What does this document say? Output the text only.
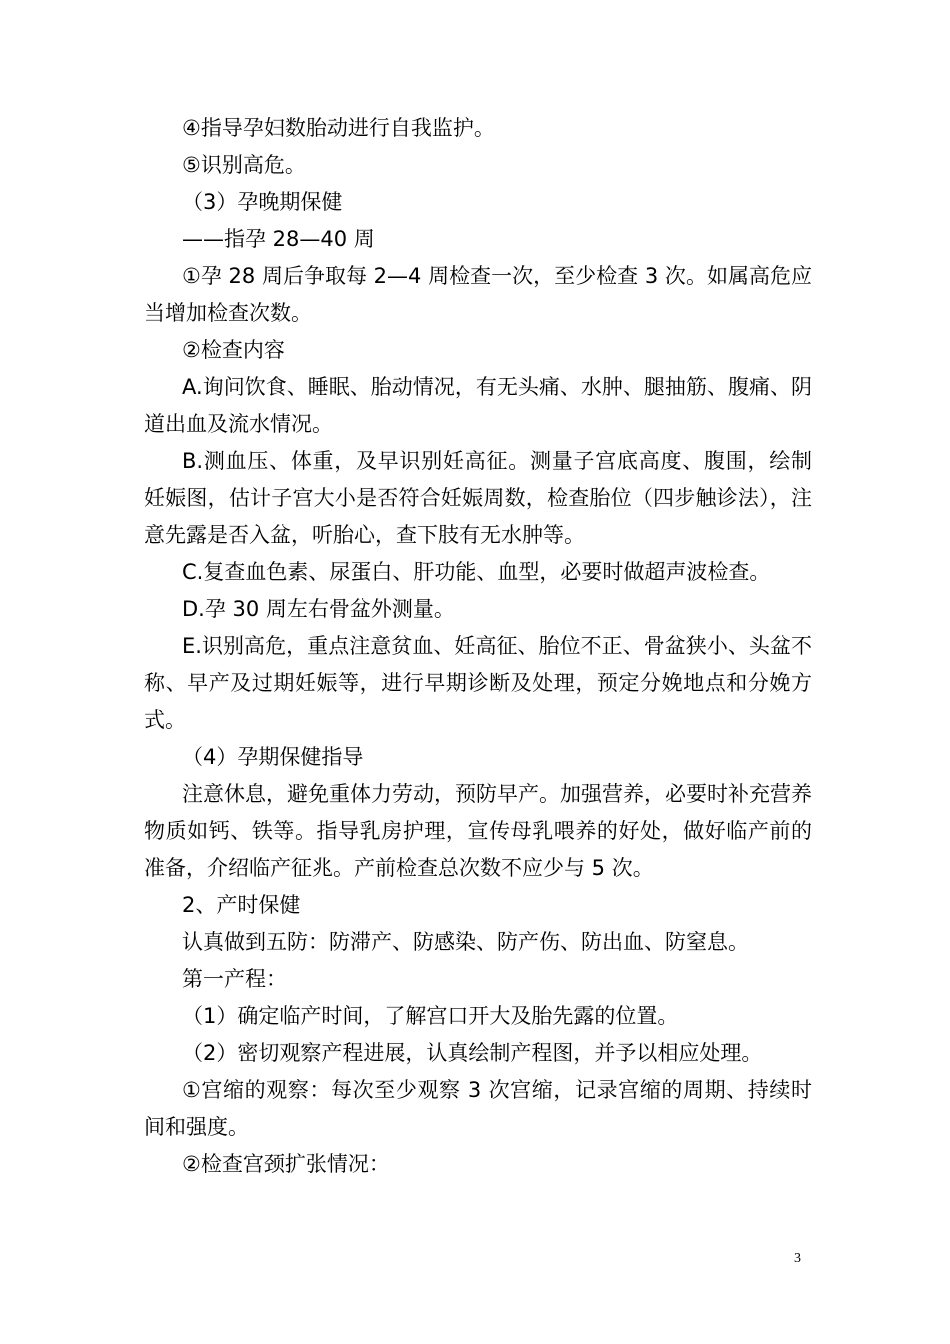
④指导孕妇数胎动进行自我监护。

⑤识别高危。

（3）孕晚期保健

——指孕 28—40 周

①孕 28 周后争取每 2—4 周检查一次，至少检查 3 次。如属高危应当增加检查次数。

②检查内容

A.询问饮食、睡眠、胎动情况，有无头痛、水肿、腿抽筋、腹痛、阴道出血及流水情况。

B.测血压、体重，及早识别妊高征。测量子宫底高度、腹围，绘制妊娠图，估计子宫大小是否符合妊娠周数，检查胎位（四步触诊法），注意先露是否入盆，听胎心，查下肢有无水肿等。

C.复查血色素、尿蛋白、肝功能、血型，必要时做超声波检查。

D.孕 30 周左右骨盆外测量。

E.识别高危，重点注意贫血、妊高征、胎位不正、骨盆狭小、头盆不称、早产及过期妊娠等，进行早期诊断及处理，预定分娩地点和分娩方式。

（4）孕期保健指导

注意休息，避免重体力劳动，预防早产。加强营养，必要时补充营养物质如钙、铁等。指导乳房护理，宣传母乳喂养的好处，做好临产前的准备，介绍临产征兆。产前检查总次数不应少与 5 次。

2、产时保健

认真做到五防：防滞产、防感染、防产伤、防出血、防窒息。

第一产程：

（1）确定临产时间，了解宫口开大及胎先露的位置。

（2）密切观察产程进展，认真绘制产程图，并予以相应处理。

①宫缩的观察：每次至少观察 3 次宫缩，记录宫缩的周期、持续时间和强度。

②检查宫颈扩张情况：

3
